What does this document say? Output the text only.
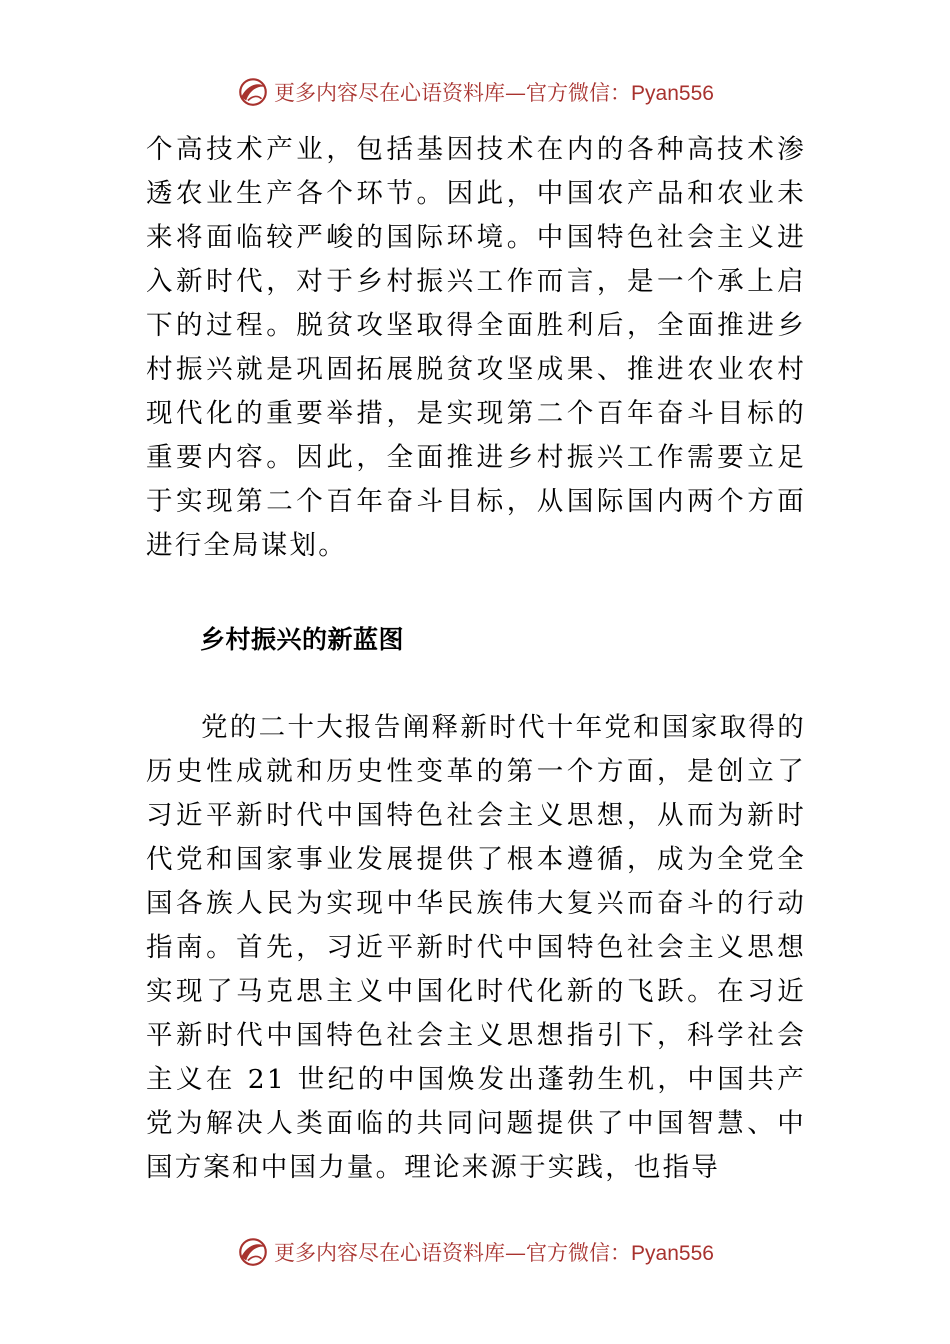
更多内容尽在心语资料库—官方微信：Pyan556

个高技术产业，包括基因技术在内的各种高技术渗透农业生产各个环节。因此，中国农产品和农业未来将面临较严峻的国际环境。中国特色社会主义进入新时代，对于乡村振兴工作而言，是一个承上启下的过程。脱贫攻坚取得全面胜利后，全面推进乡村振兴就是巩固拓展脱贫攻坚成果、推进农业农村现代化的重要举措，是实现第二个百年奋斗目标的重要内容。因此，全面推进乡村振兴工作需要立足于实现第二个百年奋斗目标，从国际国内两个方面进行全局谋划。

乡村振兴的新蓝图

党的二十大报告阐释新时代十年党和国家取得的历史性成就和历史性变革的第一个方面，是创立了习近平新时代中国特色社会主义思想，从而为新时代党和国家事业发展提供了根本遵循，成为全党全国各族人民为实现中华民族伟大复兴而奋斗的行动指南。首先，习近平新时代中国特色社会主义思想实现了马克思主义中国化时代化新的飞跃。在习近平新时代中国特色社会主义思想指引下，科学社会主义在 21 世纪的中国焕发出蓬勃生机，中国共产党为解决人类面临的共同问题提供了中国智慧、中国方案和中国力量。理论来源于实践，也指导

更多内容尽在心语资料库—官方微信：Pyan556
